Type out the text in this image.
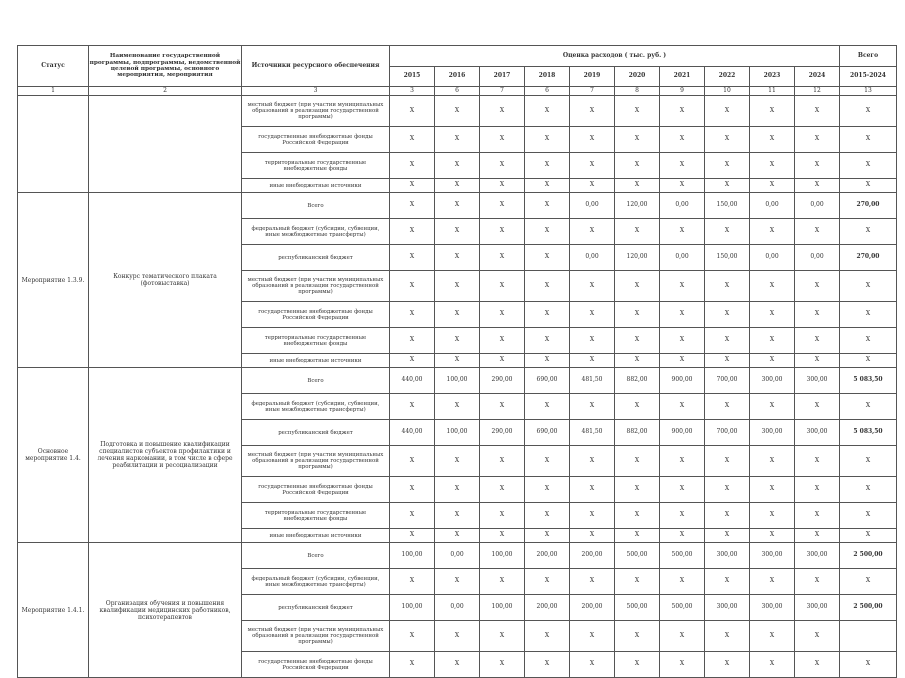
Статус	Наименование государственной программы, подпрограммы, ведомственной целевой программы, основного мероприятия, мероприятия	Источники ресурсного обеспечения	Оценка расходов ( тыс. руб. )										Всего
			2015	2016	2017	2018	2019	2020	2021	2022	2023	2024	2015-2024
1	2	3	3	6	7	6	7	8	9	10	11	12	13
		местный бюджет (при участии муниципальных образований в реализации государственной программы)	X	X	X	X	X	X	X	X	X	X	X
		государственные внебюджетные фонды Российской Федерации	X	X	X	X	X	X	X	X	X	X	X
		территориальные государственные внебюджетные фонды	X	X	X	X	X	X	X	X	X	X	X
		иные внебюджетные источники	X	X	X	X	X	X	X	X	X	X	X
Мероприятие 1.3.9.	Конкурс тематического плаката (фотовыставка)	Всего	X	X	X	X	0,00	120,00	0,00	150,00	0,00	0,00	270,00
		федеральный бюджет (субсидии, субвенции, иные межбюджетные трансферты)	X	X	X	X	X	X	X	X	X	X	X
		республиканский бюджет	X	X	X	X	0,00	120,00	0,00	150,00	0,00	0,00	270,00
		местный бюджет (при участии муниципальных образований в реализации государственной программы)	X	X	X	X	X	X	X	X	X	X	X
		государственные внебюджетные фонды Российской Федерации	X	X	X	X	X	X	X	X	X	X	X
		территориальные государственные внебюджетные фонды	X	X	X	X	X	X	X	X	X	X	X
		иные внебюджетные источники	X	X	X	X	X	X	X	X	X	X	X
Основное мероприятие 1.4.	Подготовка и повышение квалификации специалистов субъектов профилактики и лечения наркомании, в том числе в сфере реабилитации и ресоциализации	Всего	440,00	100,00	290,00	690,00	481,50	882,00	900,00	700,00	300,00	300,00	5 083,50
		федеральный бюджет (субсидии, субвенции, иные межбюджетные трансферты)	X	X	X	X	X	X	X	X	X	X	X
		республиканский бюджет	440,00	100,00	290,00	690,00	481,50	882,00	900,00	700,00	300,00	300,00	5 083,50
		местный бюджет (при участии муниципальных образований в реализации государственной программы)	X	X	X	X	X	X	X	X	X	X	X
		государственные внебюджетные фонды Российской Федерации	X	X	X	X	X	X	X	X	X	X	X
		территориальные государственные внебюджетные фонды	X	X	X	X	X	X	X	X	X	X	X
		иные внебюджетные источники	X	X	X	X	X	X	X	X	X	X	X
Мероприятие 1.4.1.	Организация обучения и повышения квалификации медицинских работников, психотерапевтов	Всего	100,00	0,00	100,00	200,00	200,00	500,00	500,00	300,00	300,00	300,00	2 500,00
		федеральный бюджет (субсидии, субвенции, иные межбюджетные трансферты)	X	X	X	X	X	X	X	X	X	X	X
		республиканский бюджет	100,00	0,00	100,00	200,00	200,00	500,00	500,00	300,00	300,00	300,00	2 500,00
		местный бюджет (при участии муниципальных образований в реализации государственной программы)	X	X	X	X	X	X	X	X	X	X	
		государственные внебюджетные фонды Российской Федерации	X	X	X	X	X	X	X	X	X	X	X
